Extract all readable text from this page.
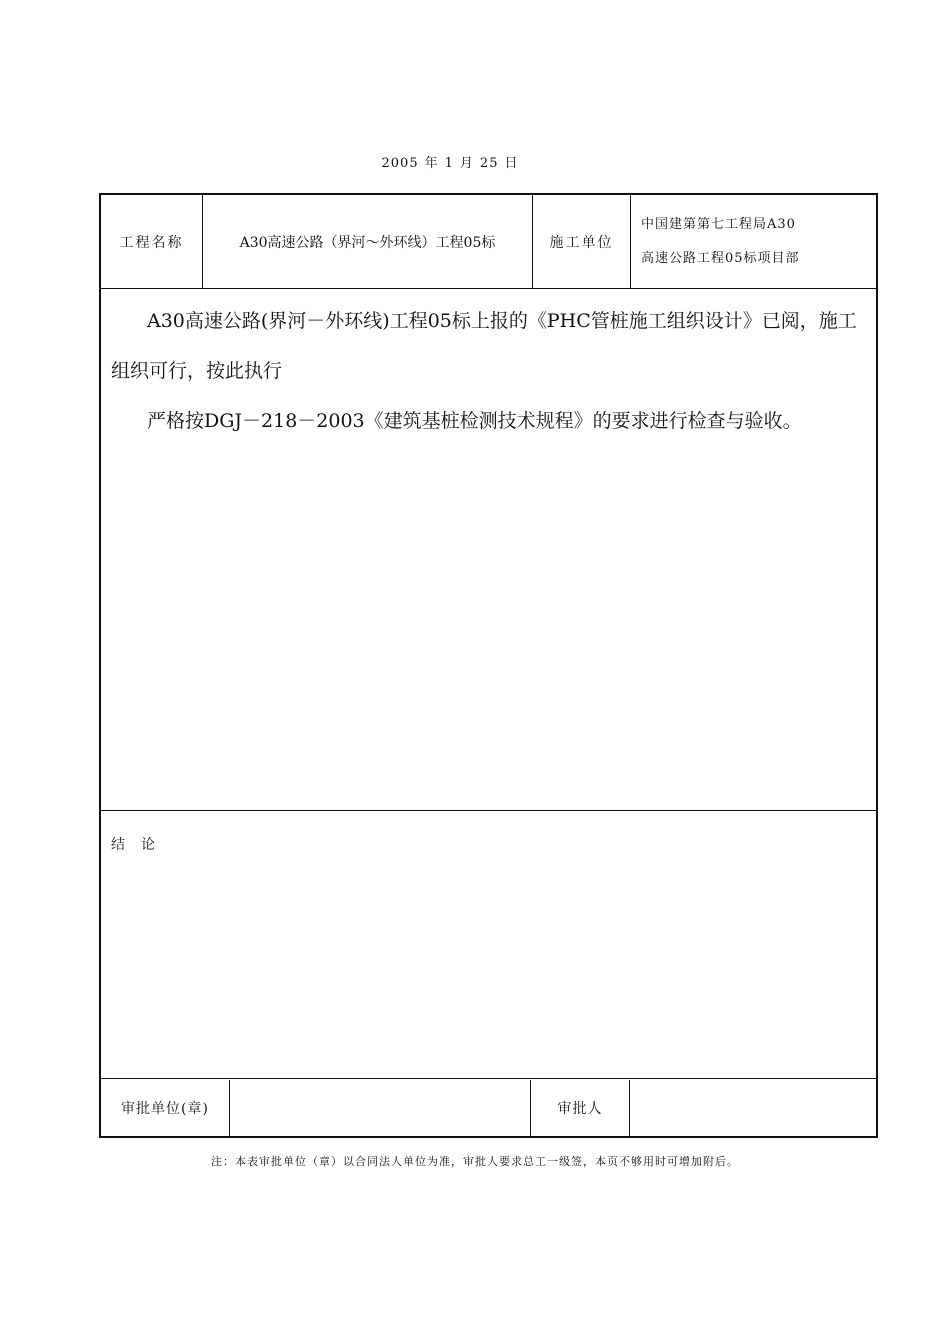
2005 年 1 月 25 日
工程名称	A30高速公路（界河～外环线）工程05标	施工单位
中国建第第七工程局A30
高速公路工程05标项目部

A30高速公路(界河－外环线)工程05标上报的《PHC管桩施工组织设计》已阅，施工组织可行，按此执行

严格按DGJ－218－2003《建筑基桩检测技术规程》的要求进行检查与验收。

结论
审批单位(章)	审批人
注：本表审批单位（章）以合同法人单位为准，审批人要求总工一级签，本页不够用时可增加附后。
